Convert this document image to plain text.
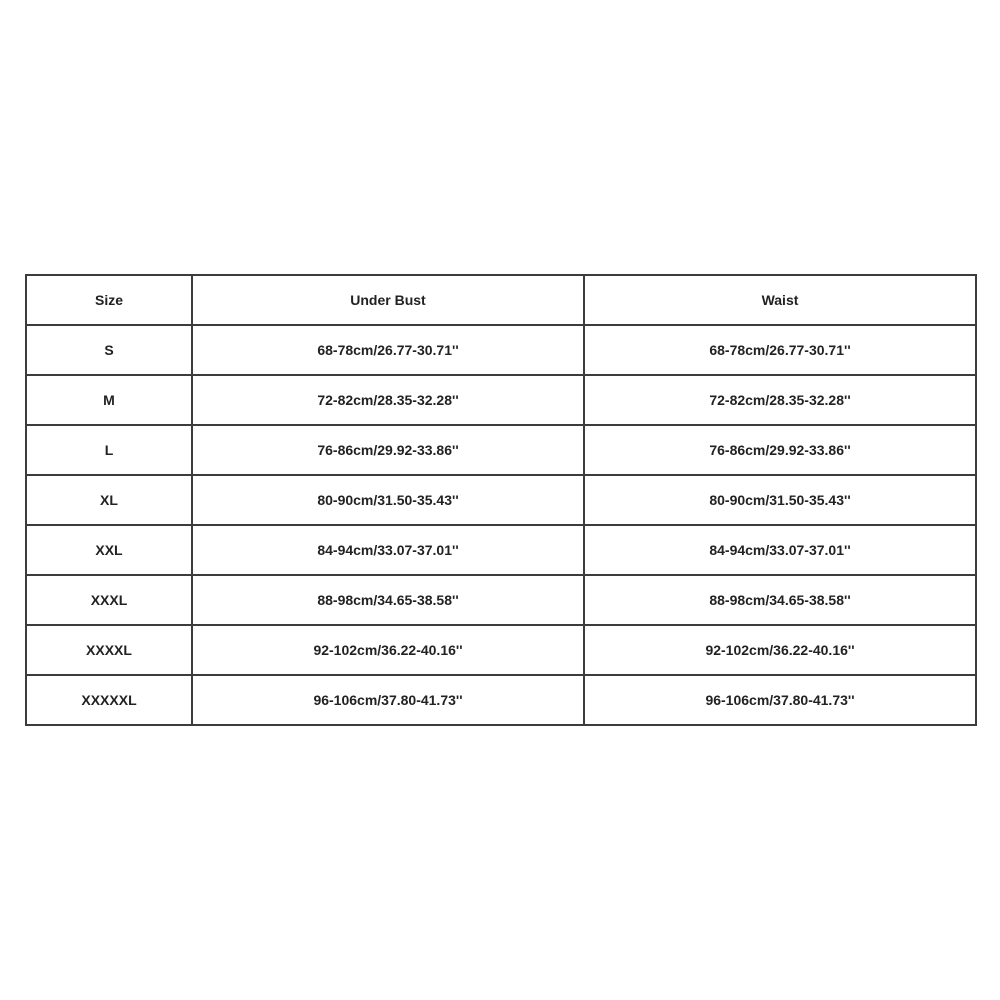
Size	Under Bust	Waist
S	68-78cm/26.77-30.71''	68-78cm/26.77-30.71''
M	72-82cm/28.35-32.28''	72-82cm/28.35-32.28''
L	76-86cm/29.92-33.86''	76-86cm/29.92-33.86''
XL	80-90cm/31.50-35.43''	80-90cm/31.50-35.43''
XXL	84-94cm/33.07-37.01''	84-94cm/33.07-37.01''
XXXL	88-98cm/34.65-38.58''	88-98cm/34.65-38.58''
XXXXL	92-102cm/36.22-40.16''	92-102cm/36.22-40.16''
XXXXXL	96-106cm/37.80-41.73''	96-106cm/37.80-41.73''
